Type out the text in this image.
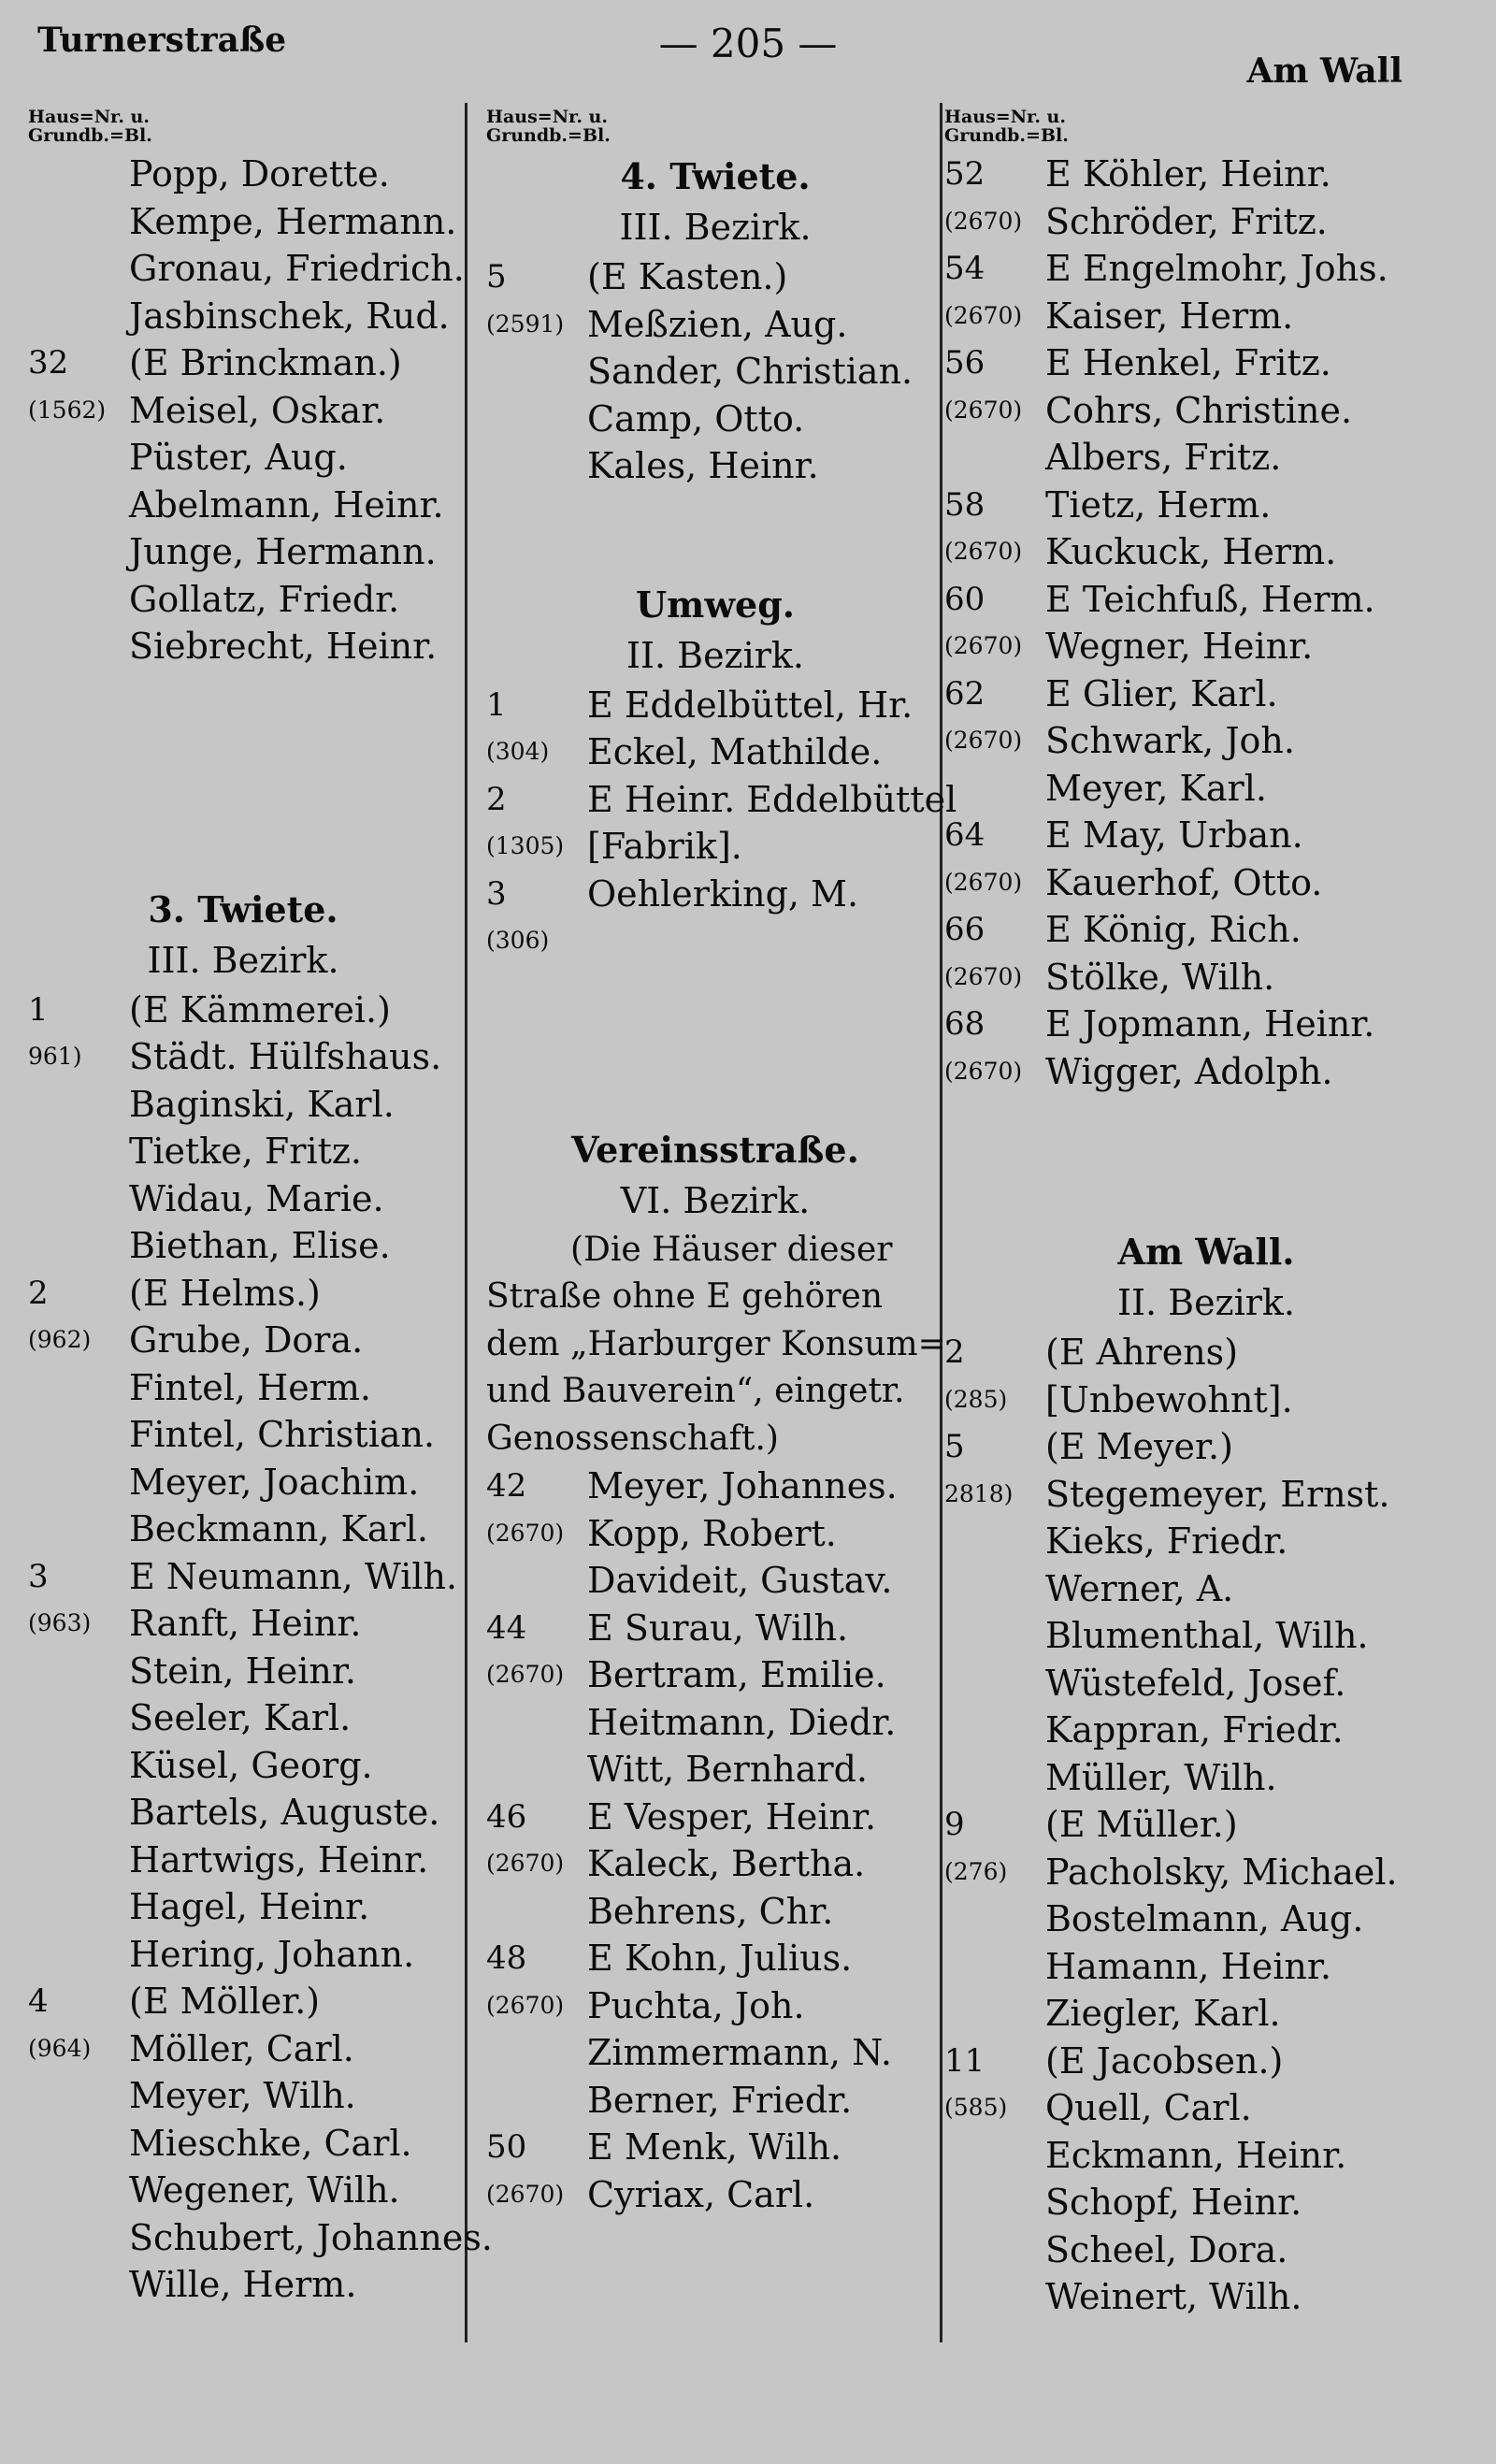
Turnerstraße	— 205 —
Am Wall
Haus=Nr. u.
Grundb.=Bl.
Popp, Dorette.
Kempe, Hermann.
Gronau, Friedrich.
Jasbinschek, Rud.
32 (E Brinckman.)
(1562) Meisel, Oskar.
Püster, Aug.
Abelmann, Heinr.
Junge, Hermann.
Gollatz, Friedr.
Siebrecht, Heinr.
3. Twiete.
III. Bezirk.
1 (E Kämmerei.)
961) Städt. Hülfshaus.
Baginski, Karl.
Tietke, Fritz.
Widau, Marie.
Biethan, Elise.
2 (E Helms.)
(962) Grube, Dora.
Fintel, Herm.
Fintel, Christian.
Meyer, Joachim.
Beckmann, Karl.
3 E Neumann, Wilh.
(963) Ranft, Heinr.
Stein, Heinr.
Seeler, Karl.
Küsel, Georg.
Bartels, Auguste.
Hartwigs, Heinr.
Hagel, Heinr.
Hering, Johann.
4 (E Möller.)
(964) Möller, Carl.
Meyer, Wilh.
Mieschke, Carl.
Wegener, Wilh.
Schubert, Johannes.
Wille, Herm.
Haus=Nr. u.
Grundb.=Bl.
4. Twiete.
III. Bezirk.
5 (E Kasten.)
(2591) Meßzien, Aug.
Sander, Christian.
Camp, Otto.
Kales, Heinr.
Umweg.
II. Bezirk.
1 E Eddelbüttel, Hr.
(304) Eckel, Mathilde.
2 E Heinr. Eddelbüttel
(1305) [Fabrik].
3 Oehlerking, M.
(306)
Vereinsstraße.
VI. Bezirk.
(Die Häuser dieser
Straße ohne E gehören
dem „Harburger Konsum=
und Bauverein“, eingetr.
Genossenschaft.)
42 Meyer, Johannes.
(2670) Kopp, Robert.
Davideit, Gustav.
44 E Surau, Wilh.
(2670) Bertram, Emilie.
Heitmann, Diedr.
Witt, Bernhard.
46 E Vesper, Heinr.
(2670) Kaleck, Bertha.
Behrens, Chr.
48 E Kohn, Julius.
(2670) Puchta, Joh.
Zimmermann, N.
Berner, Friedr.
50 E Menk, Wilh.
(2670) Cyriax, Carl.
Haus=Nr. u.
Grundb.=Bl.
52 E Köhler, Heinr.
(2670) Schröder, Fritz.
54 E Engelmohr, Johs.
(2670) Kaiser, Herm.
56 E Henkel, Fritz.
(2670) Cohrs, Christine.
Albers, Fritz.
58 Tietz, Herm.
(2670) Kuckuck, Herm.
60 E Teichfuß, Herm.
(2670) Wegner, Heinr.
62 E Glier, Karl.
(2670) Schwark, Joh.
Meyer, Karl.
64 E May, Urban.
(2670) Kauerhof, Otto.
66 E König, Rich.
(2670) Stölke, Wilh.
68 E Jopmann, Heinr.
(2670) Wigger, Adolph.
Am Wall.
II. Bezirk.
2 (E Ahrens)
(285) [Unbewohnt].
5 (E Meyer.)
2818) Stegemeyer, Ernst.
Kieks, Friedr.
Werner, A.
Blumenthal, Wilh.
Wüstefeld, Josef.
Kappran, Friedr.
Müller, Wilh.
9 (E Müller.)
(276) Pacholsky, Michael.
Bostelmann, Aug.
Hamann, Heinr.
Ziegler, Karl.
11 (E Jacobsen.)
(585) Quell, Carl.
Eckmann, Heinr.
Schopf, Heinr.
Scheel, Dora.
Weinert, Wilh.
